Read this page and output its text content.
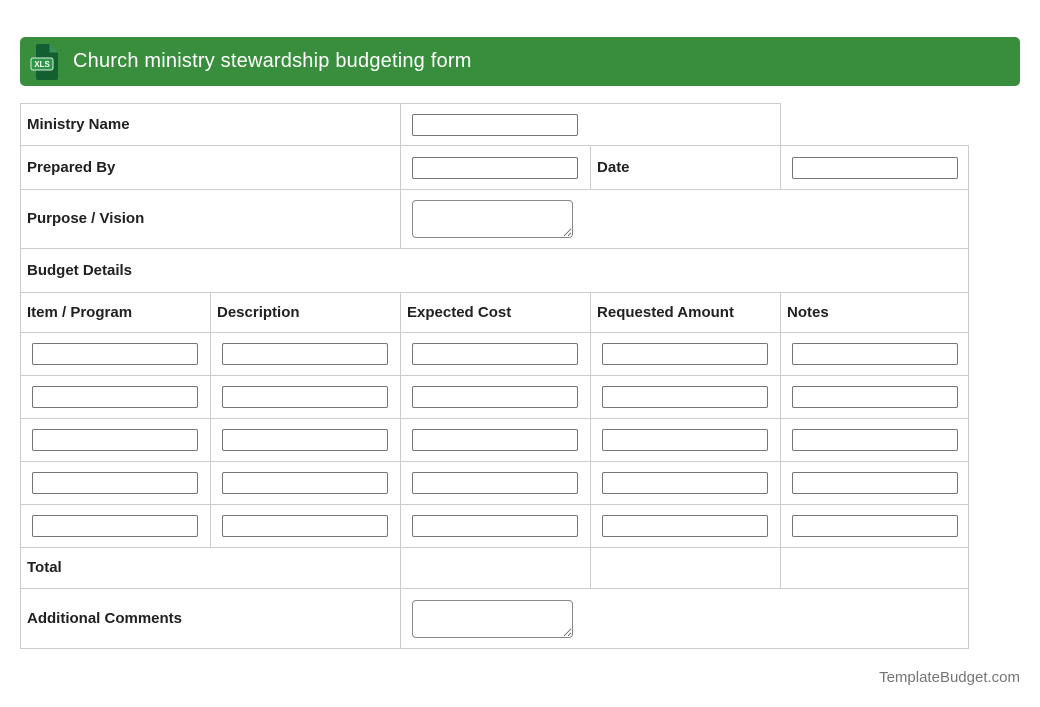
XLS Church ministry stewardship budgeting form
Ministry Name	

Prepared By			Date	

Purpose / Vision	

Budget Details				
Item / Program	Description	Expected Cost	Requested Amount	Notes

Total				
Additional Comments	
TemplateBudget.com
